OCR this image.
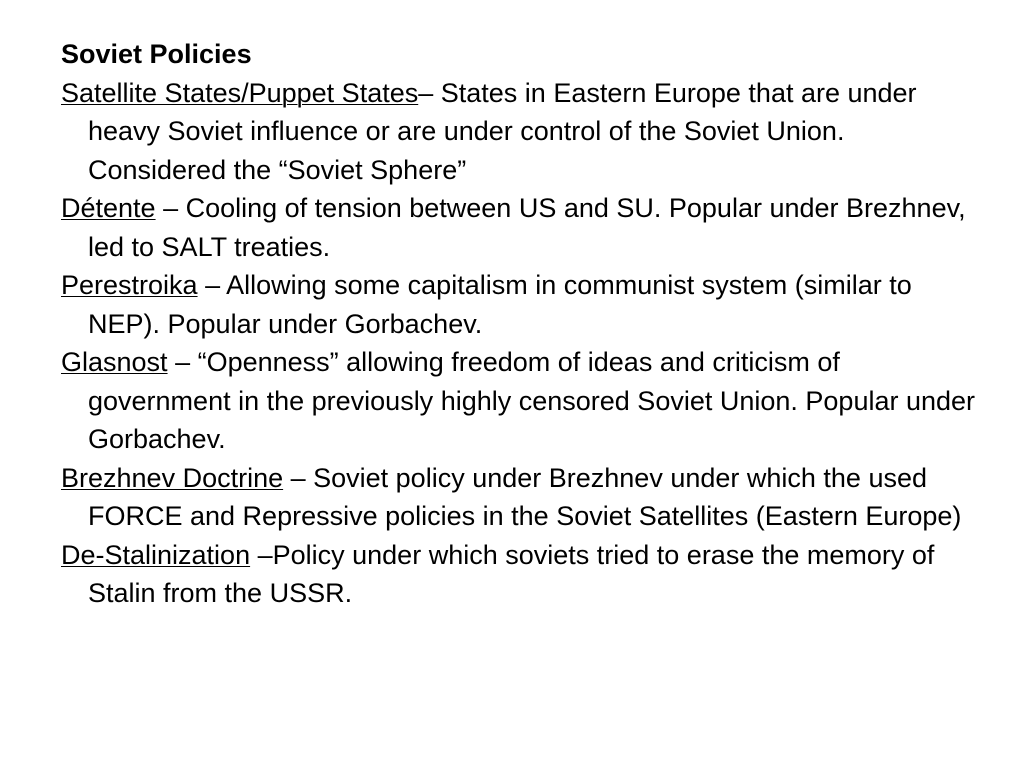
Soviet Policies

Satellite States/Puppet States– States in Eastern Europe that are under heavy Soviet influence or are under control of the Soviet Union. Considered the “Soviet Sphere”

Détente – Cooling of tension between US and SU. Popular under Brezhnev, led to SALT treaties.

Perestroika – Allowing some capitalism in communist system (similar to NEP). Popular under Gorbachev.

Glasnost – “Openness” allowing freedom of ideas and criticism of government in the previously highly censored Soviet Union. Popular under Gorbachev.

Brezhnev Doctrine – Soviet policy under Brezhnev under which the used FORCE and Repressive policies in the Soviet Satellites (Eastern Europe)

De-Stalinization –Policy under which soviets tried to erase the memory of Stalin from the USSR.
